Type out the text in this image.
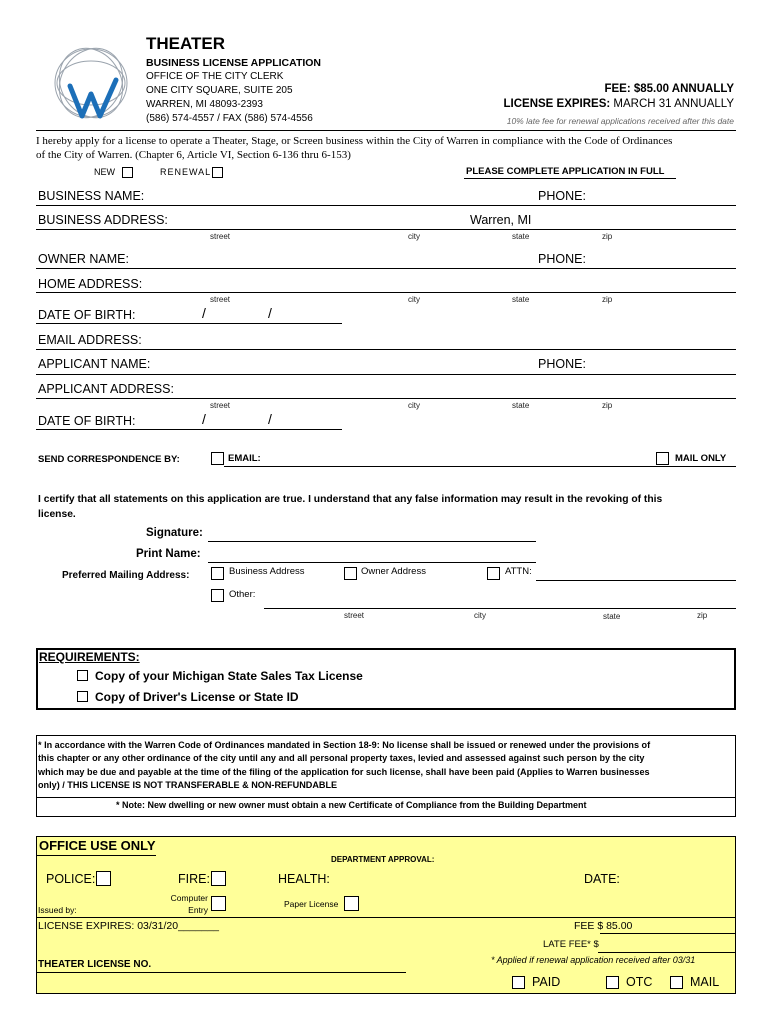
THEATER
BUSINESS LICENSE APPLICATION
OFFICE OF THE CITY CLERK
ONE CITY SQUARE, SUITE 205
WARREN, MI 48093-2393
(586) 574-4557 / FAX (586) 574-4556
FEE: $85.00 ANNUALLY
LICENSE EXPIRES: MARCH 31 ANNUALLY
10% late fee for renewal applications received after this date
I hereby apply for a license to operate a Theater, Stage, or Screen business within the City of Warren in compliance with the Code of Ordinances
of the City of Warren. (Chapter 6, Article VI, Section 6-136 thru 6-153)
NEW	RENEWAL	PLEASE COMPLETE APPLICATION IN FULL
BUSINESS NAME:	PHONE:
BUSINESS ADDRESS:	Warren, MI
street	city	state	zip
OWNER NAME:	PHONE:
HOME ADDRESS:
street	city	state	zip
DATE OF BIRTH:	/	/
EMAIL ADDRESS:
APPLICANT NAME:	PHONE:
APPLICANT ADDRESS:
street	city	state	zip
DATE OF BIRTH:	/	/
SEND CORRESPONDENCE BY:	EMAIL:	MAIL ONLY
I certify that all statements on this application are true. I understand that any false information may result in the revoking of this
license.
Signature:
Print Name:
Preferred Mailing Address:	Business Address	Owner Address	ATTN:
Other:
street	city	state	zip
REQUIREMENTS:
Copy of your Michigan State Sales Tax License
Copy of Driver's License or State ID
* In accordance with the Warren Code of Ordinances mandated in Section 18-9: No license shall be issued or renewed under the provisions of
this chapter or any other ordinance of the city until any and all personal property taxes, levied and assessed against such person by the city
which may be due and payable at the time of the filing of the application for such license, shall have been paid (Applies to Warren businesses
only) / THIS LICENSE IS NOT TRANSFERABLE & NON-REFUNDABLE
* Note: New dwelling or new owner must obtain a new Certificate of Compliance from the Building Department
OFFICE USE ONLY
DEPARTMENT APPROVAL:
POLICE:	FIRE:	HEALTH:	DATE:
Computer
Entry
Paper License
Issued by:
LICENSE EXPIRES: 03/31/20_______	FEE $ 85.00
LATE FEE* $
* Applied if renewal application received after 03/31
THEATER LICENSE NO.
PAID	OTC	MAIL
